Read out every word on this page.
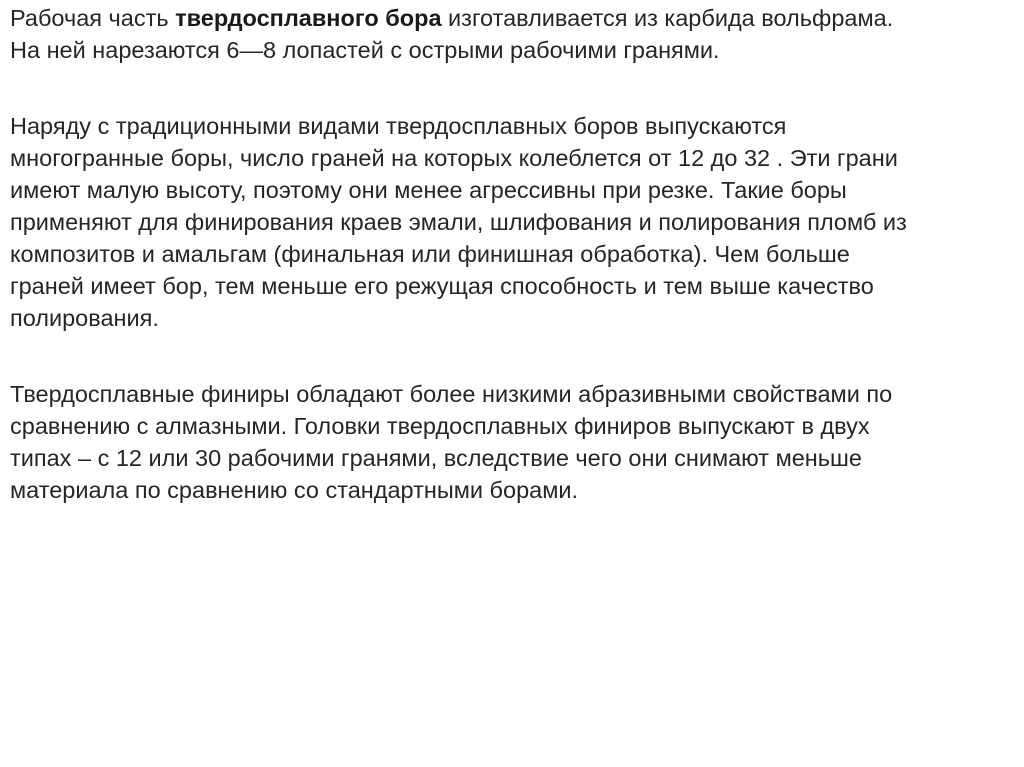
Рабочая часть твердосплавного бора изготавливается из карбида вольфрама.
На ней нарезаются 6—8 лопастей с острыми рабочими гранями.

Наряду с традиционными видами твердосплавных боров выпускаются
многогранные боры, число граней на которых колеблется от 12 до 32 . Эти грани
имеют малую высоту, поэтому они менее агрессивны при резке. Такие боры
применяют для финирования краев эмали, шлифования и полирования пломб из
композитов и амальгам (финальная или финишная обработка). Чем больше
граней имеет бор, тем меньше его режущая способность и тем выше качество
полирования.

Твердосплавные финиры обладают более низкими абразивными свойствами по
сравнению с алмазными. Головки твердосплавных финиров выпускают в двух
типах – с 12 или 30 рабочими гранями, вследствие чего они снимают меньше
материала по сравнению со стандартными борами.
